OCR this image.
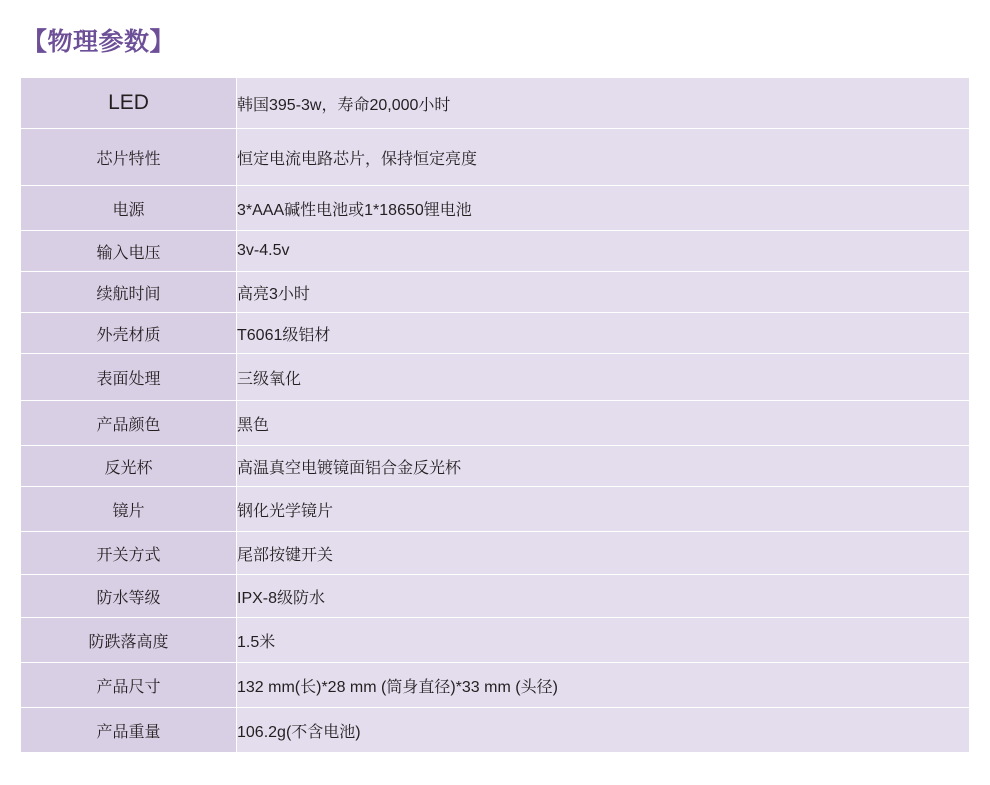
【物理参数】
LED	韩国395-3w，寿命20,000小时
芯片特性	恒定电流电路芯片，保持恒定亮度
电源	3*AAA碱性电池或1*18650锂电池
输入电压	3v-4.5v
续航时间	高亮3小时
外壳材质	T6061级铝材
表面处理	三级氧化
产品颜色	黑色
反光杯	高温真空电镀镜面铝合金反光杯
镜片	钢化光学镜片
开关方式	尾部按键开关
防水等级	IPX-8级防水
防跌落高度	1.5米
产品尺寸	132 mm(长)*28 mm (筒身直径)*33 mm (头径)
产品重量	106.2g(不含电池)
